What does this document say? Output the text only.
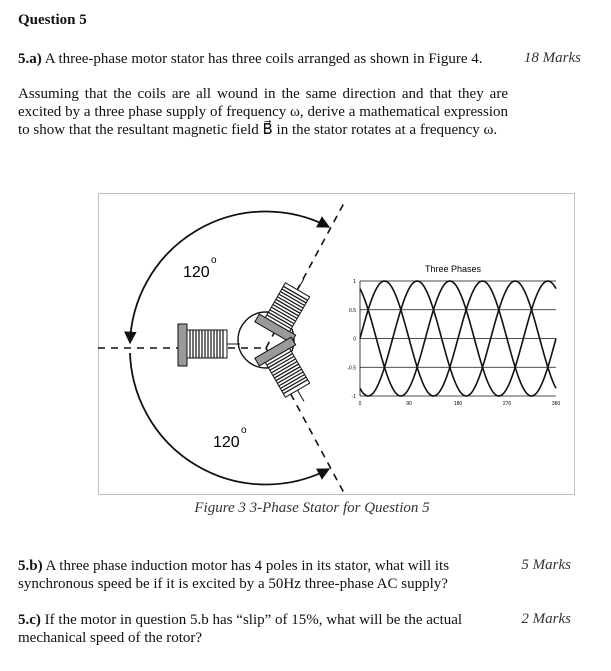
Question 5
5.a) A three-phase motor stator has three coils arranged as shown in Figure 4.	18 Marks
Assuming that the coils are all wound in the same direction and that they are excited by a three phase supply of frequency ω, derive a mathematical expression to show that the resultant magnetic field B⃗ in the stator rotates at a frequency ω.
120
o
120
o
Three Phases
1
0.5
0
-0.5
-1
0	90	180	270	360
Figure 3 3-Phase Stator for Question 5
5.b) A three phase induction motor has 4 poles in its stator, what will its
synchronous speed be if it is excited by a 50Hz three-phase AC supply?
5 Marks
5.c) If the motor in question 5.b has “slip” of 15%, what will be the actual
mechanical speed of the rotor?
2 Marks
